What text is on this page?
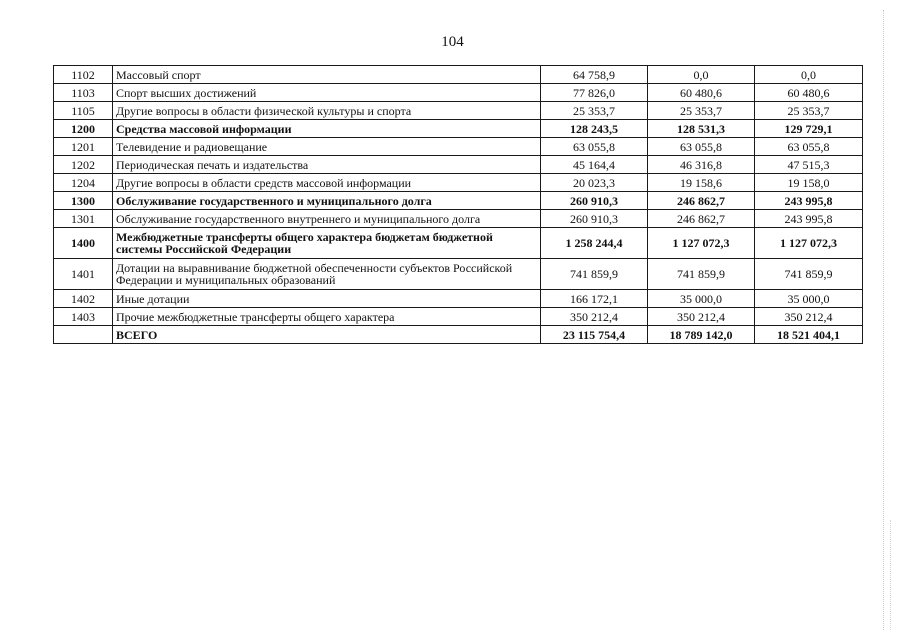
104
1102	Массовый спорт	64 758,9	0,0	0,0
1103	Спорт высших достижений	77 826,0	60 480,6	60 480,6
1105	Другие вопросы в области физической культуры и спорта	25 353,7	25 353,7	25 353,7
1200	Средства массовой информации	128 243,5	128 531,3	129 729,1
1201	Телевидение и радиовещание	63 055,8	63 055,8	63 055,8
1202	Периодическая печать и издательства	45 164,4	46 316,8	47 515,3
1204	Другие вопросы в области средств массовой информации	20 023,3	19 158,6	19 158,0
1300	Обслуживание государственного и муниципального долга	260 910,3	246 862,7	243 995,8
1301	Обслуживание государственного внутреннего и муниципального долга	260 910,3	246 862,7	243 995,8
1400	Межбюджетные трансферты общего характера бюджетам бюджетной системы Российской Федерации	1 258 244,4	1 127 072,3	1 127 072,3
1401	Дотации на выравнивание бюджетной обеспеченности субъектов Российской Федерации и муниципальных образований	741 859,9	741 859,9	741 859,9
1402	Иные дотации	166 172,1	35 000,0	35 000,0
1403	Прочие межбюджетные трансферты общего характера	350 212,4	350 212,4	350 212,4
	ВСЕГО	23 115 754,4	18 789 142,0	18 521 404,1
